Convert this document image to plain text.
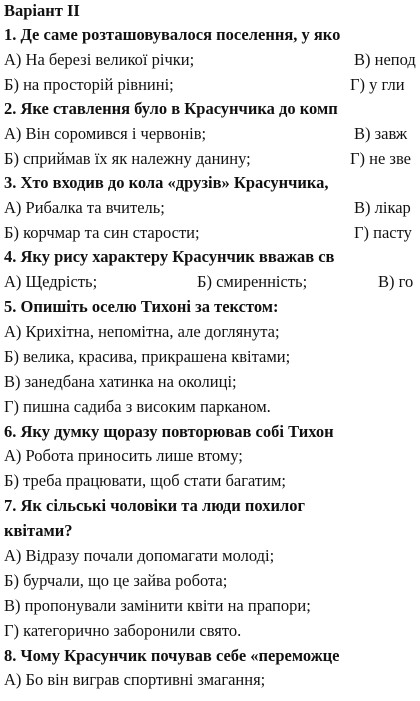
Варіант ІІ
1. Де саме розташовувалося поселення, у яко
А) На березі великої річки;	В) непод
Б) на просторій рівнині;	Г) у гли
2. Яке ставлення було в Красунчика до комп
А) Він соромився і червонів;	В) завж
Б) сприймав їх як належну данину;	Г) не зве
3. Хто входив до кола «друзів» Красунчика,
А) Рибалка та вчитель;	В) лікар
Б) корчмар та син старости;	Г) пасту
4. Яку рису характеру Красунчик вважав св
А) Щедрість;	Б) смиренність;	В) го
5. Опишіть оселю Тихоні за текстом:
А) Крихітна, непомітна, але доглянута;
Б) велика, красива, прикрашена квітами;
В) занедбана хатинка на околиці;
Г) пишна садиба з високим парканом.
6. Яку думку щоразу повторював собі Тихон
А) Робота приносить лише втому;
Б) треба працювати, щоб стати багатим;
7. Як сільські чоловіки та люди похилог
квітами?
А) Відразу почали допомагати молоді;
Б) бурчали, що це зайва робота;
В) пропонували замінити квіти на прапори;
Г) категорично заборонили свято.
8. Чому Красунчик почував себе «переможце
А) Бо він виграв спортивні змагання;
